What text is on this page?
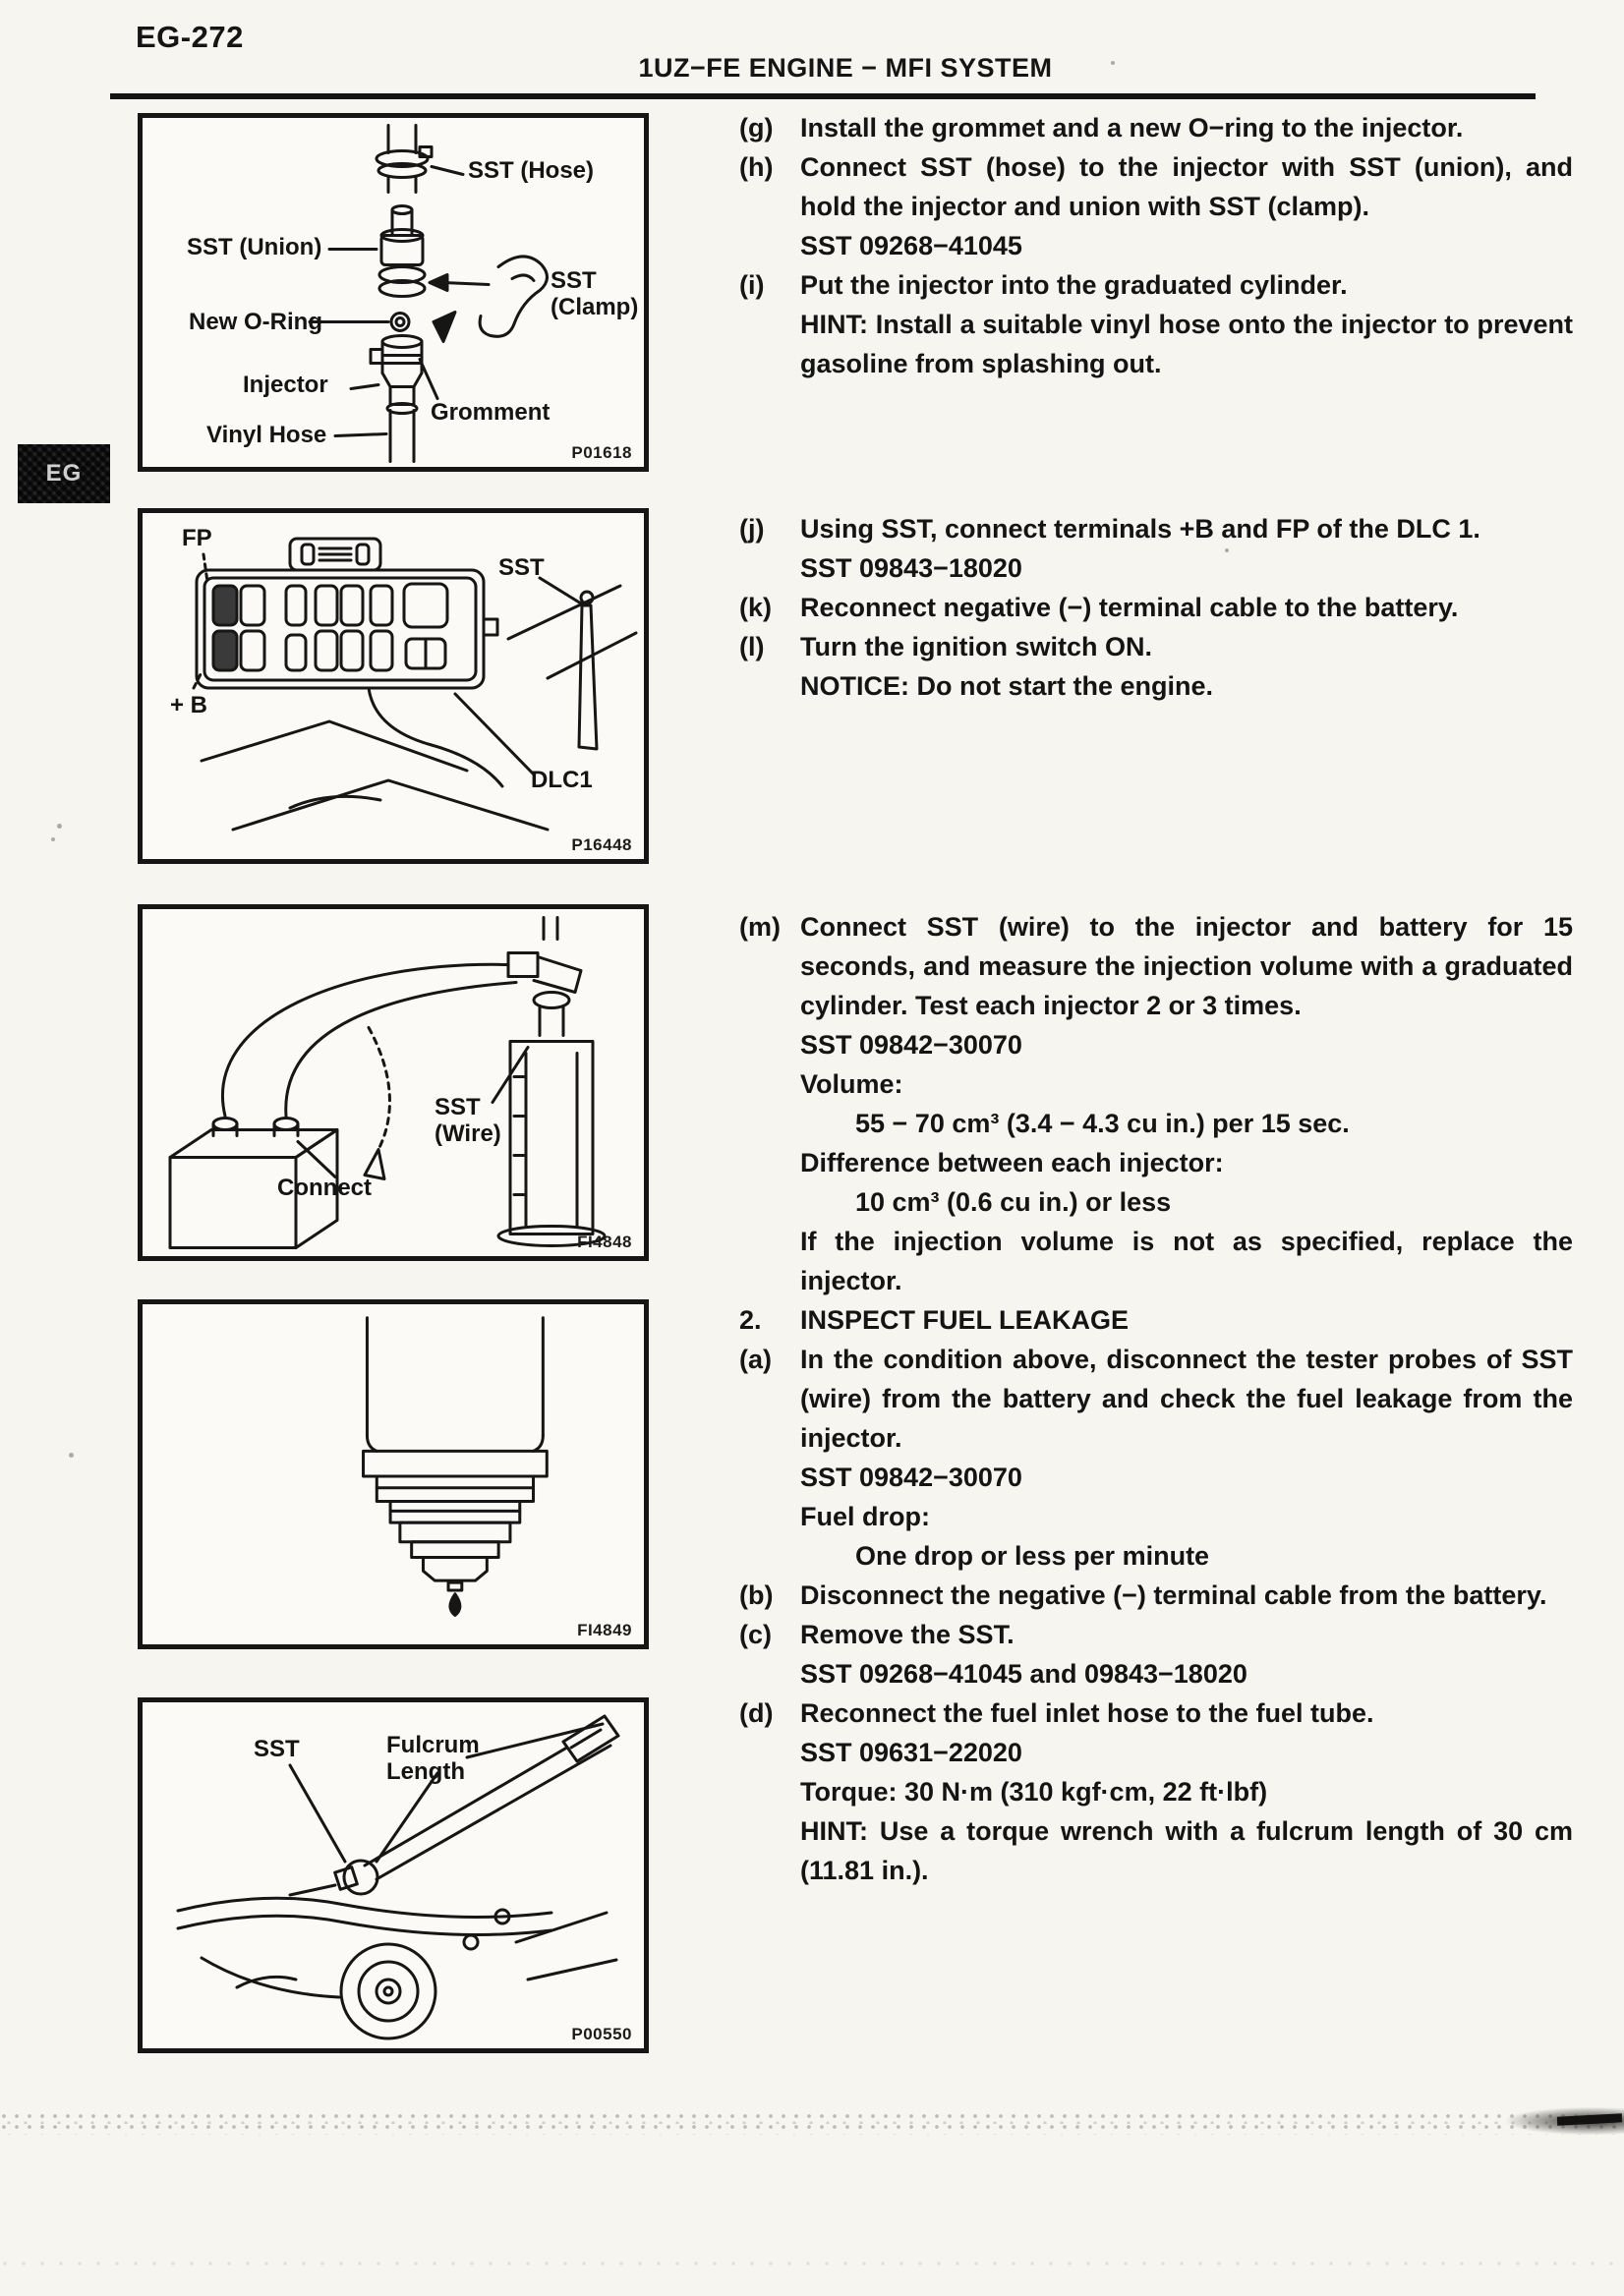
EG-272
1UZ−FE ENGINE − MFI SYSTEM
EG
SST (Hose)
SST (Union)
SST
(Clamp)
New O-Ring
Injector
Gromment
Vinyl Hose
P01618
FP
SST
+ B
DLC1
P16448
SST
(Wire)
Connect
FI4848
FI4849
SST	Fulcrum
Length
P00550
(g)	Install the grommet and a new O−ring to the injector.

(h)	Connect SST (hose) to the injector with SST (union), and hold the injector and union with SST (clamp).

SST 09268−41045

(i)	Put the injector into the graduated cylinder.

HINT: Install a suitable vinyl hose onto the injector to prevent gasoline from splashing out.

(j)	Using SST, connect terminals +B and FP of the DLC 1.

SST 09843−18020

(k)	Reconnect negative (−) terminal cable to the battery.

(l)	Turn the ignition switch ON.

NOTICE: Do not start the engine.

(m) Connect SST (wire) to the injector and battery for 15 seconds, and measure the injection volume with a graduated cylinder. Test each injector 2 or 3 times.

SST 09842−30070

Volume:

55 − 70 cm³ (3.4 − 4.3 cu in.) per 15 sec.

Difference between each injector:

10 cm³ (0.6 cu in.) or less

If the injection volume is not as specified, replace the injector.

2.	INSPECT FUEL LEAKAGE

(a)	In the condition above, disconnect the tester probes of SST (wire) from the battery and check the fuel leakage from the injector.

SST 09842−30070

Fuel drop:

One drop or less per minute

(b)	Disconnect the negative (−) terminal cable from the battery.

(c)	Remove the SST.

SST 09268−41045 and 09843−18020

(d)	Reconnect the fuel inlet hose to the fuel tube.

SST 09631−22020

Torque: 30 N·m (310 kgf·cm, 22 ft·lbf)

HINT: Use a torque wrench with a fulcrum length of 30 cm (11.81 in.).
